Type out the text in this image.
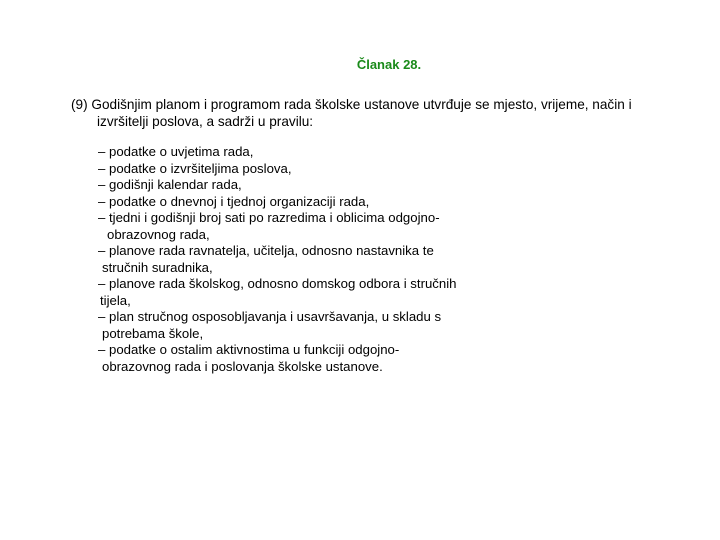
Članak 28.

(9) Godišnjim planom i programom rada školske ustanove utvrđuje se mjesto, vrijeme, način i
izvršitelji poslova, a sadrži u pravilu:

– podatke o uvjetima rada,
– podatke o izvršiteljima poslova,
– godišnji kalendar rada,
– podatke o dnevnoj i tjednoj organizaciji rada,
– tjedni i godišnji broj sati po razredima i oblicima odgojno-
obrazovnog rada,
– planove rada ravnatelja, učitelja, odnosno nastavnika te
stručnih suradnika,
– planove rada školskog, odnosno domskog odbora i stručnih
tijela,
– plan stručnog osposobljavanja i usavršavanja, u skladu s
potrebama škole,
– podatke o ostalim aktivnostima u funkciji odgojno-
obrazovnog rada i poslovanja školske ustanove.
